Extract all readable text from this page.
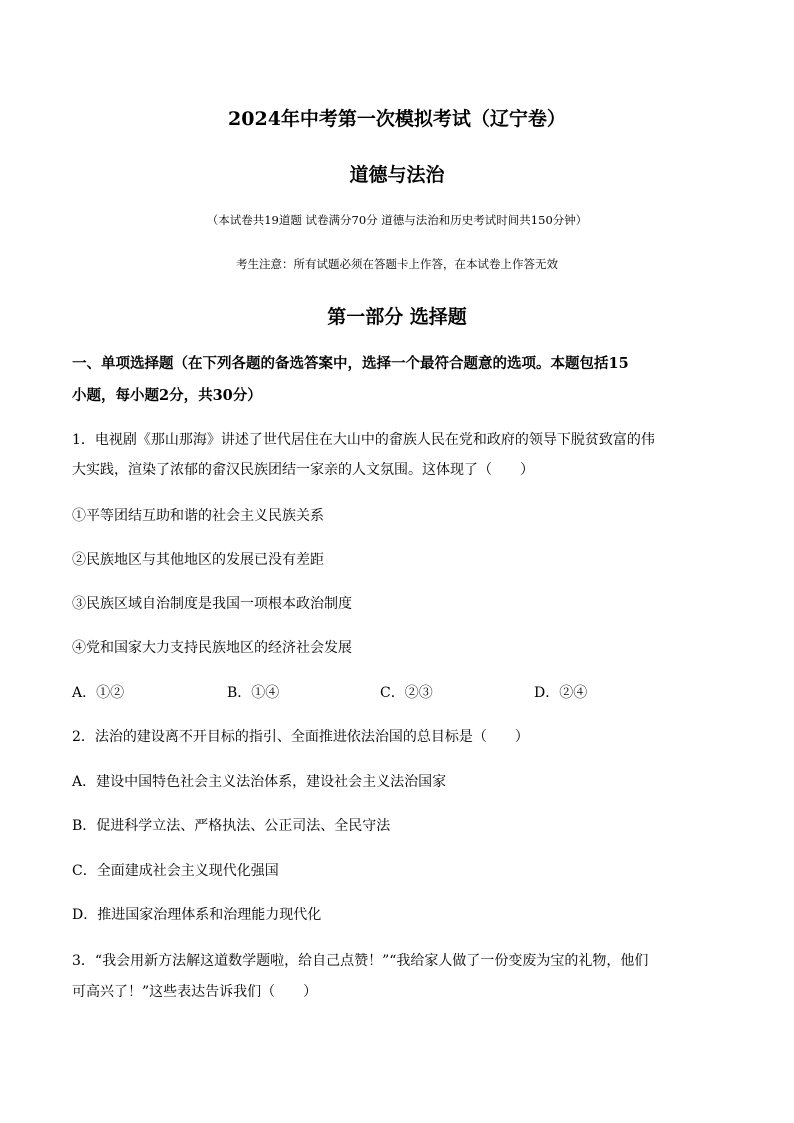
2024年中考第一次模拟考试（辽宁卷）
道德与法治
（本试卷共19道题 试卷满分70分 道德与法治和历史考试时间共150分钟）
考生注意：所有试题必须在答题卡上作答，在本试卷上作答无效
第一部分 选择题
一、单项选择题（在下列各题的备选答案中，选择一个最符合题意的选项。本题包括15
小题，每小题2分，共30分）
1．电视剧《那山那海》讲述了世代居住在大山中的畲族人民在党和政府的领导下脱贫致富的伟
大实践，渲染了浓郁的畲汉民族团结一家亲的人文氛围。这体现了（　　）
①平等团结互助和谐的社会主义民族关系
②民族地区与其他地区的发展已没有差距
③民族区域自治制度是我国一项根本政治制度
④党和国家大力支持民族地区的经济社会发展
A．①②	B．①④	C．②③	D．②④
2．法治的建设离不开目标的指引、全面推进依法治国的总目标是（　　）
A．建设中国特色社会主义法治体系，建设社会主义法治国家
B．促进科学立法、严格执法、公正司法、全民守法
C．全面建成社会主义现代化强国
D．推进国家治理体系和治理能力现代化
3．“我会用新方法解这道数学题啦，给自己点赞！”“我给家人做了一份变废为宝的礼物，他们
可高兴了！”这些表达告诉我们（　　）
